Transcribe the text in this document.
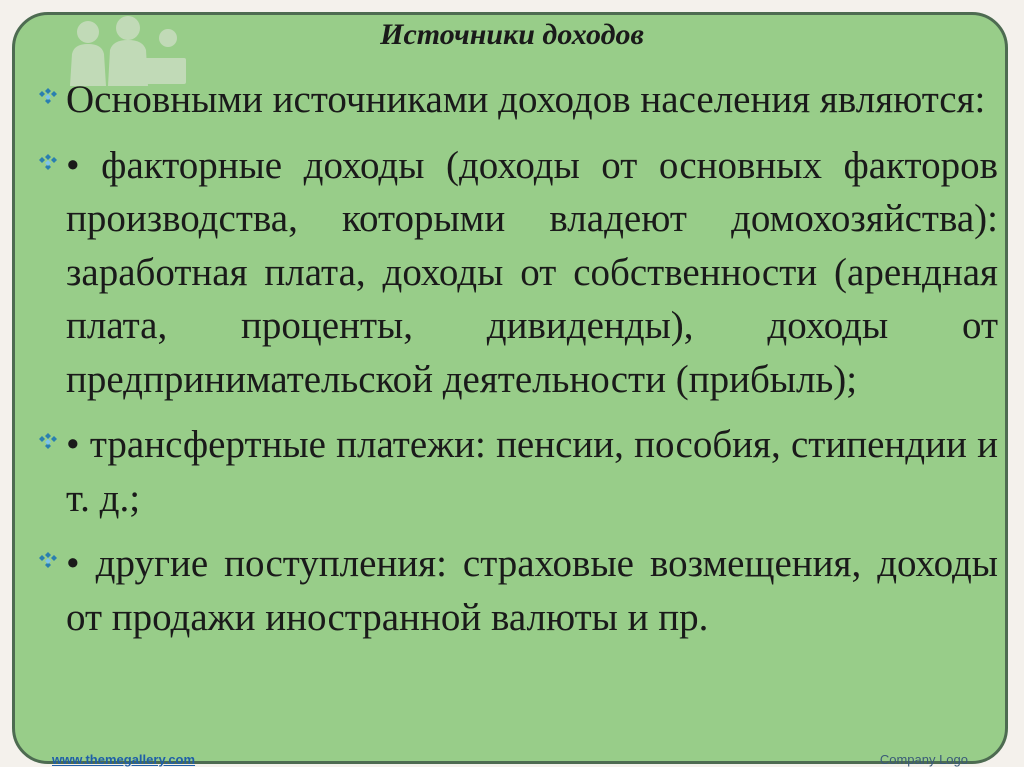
Источники доходов

Основными источниками доходов населения являются:

• факторные доходы (доходы от основных факторов производства, которыми владеют домохозяйства): заработная плата, доходы от собственности (арендная плата, проценты, дивиденды), доходы от предпринимательской деятельности (прибыль);

• трансфертные платежи: пенсии, пособия, стипендии и т. д.;

• другие поступления: страховые возмещения, доходы от продажи иностранной валюты и пр.

www.themegallery.com	Company Logo
